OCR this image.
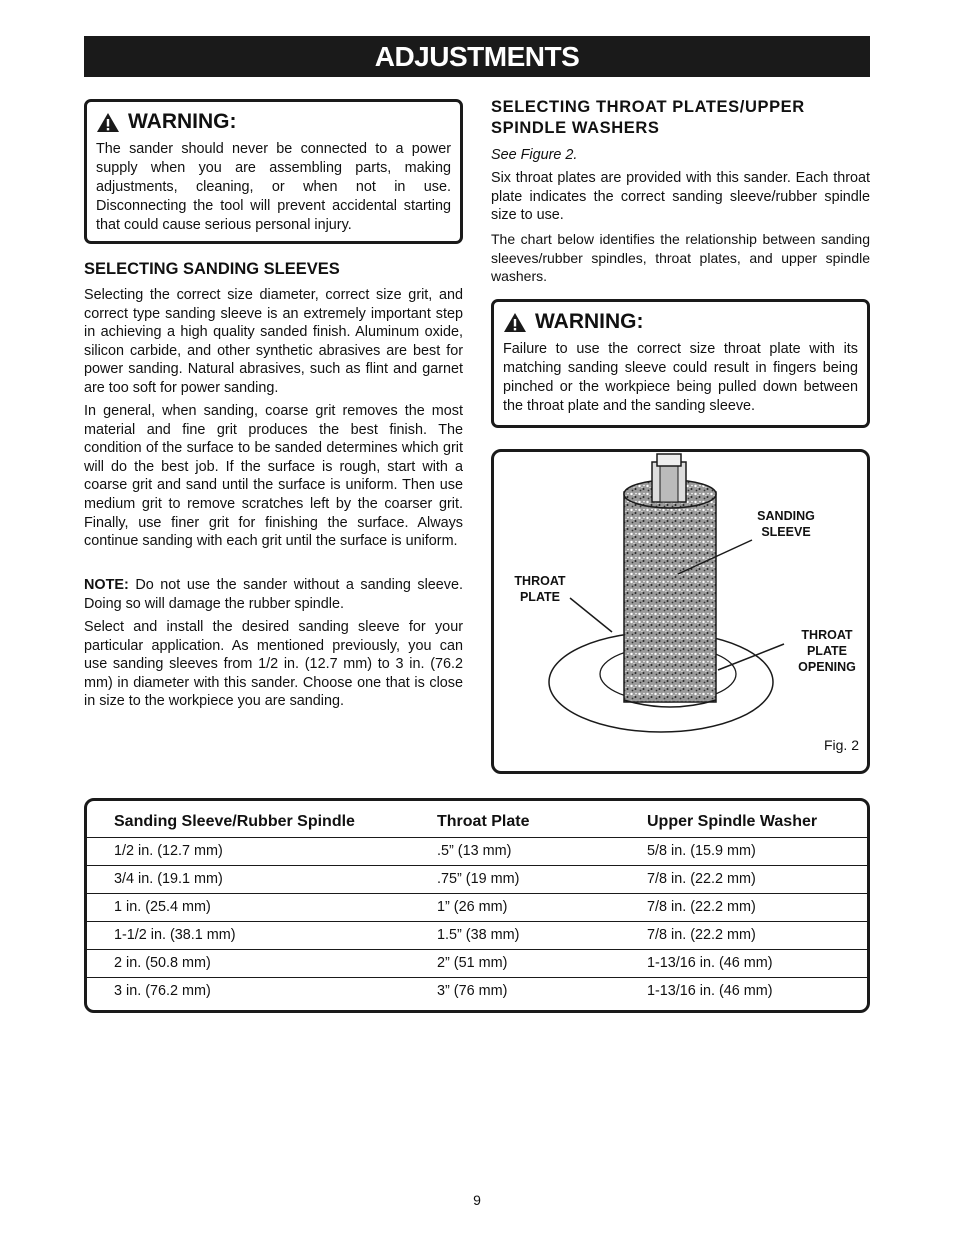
ADJUSTMENTS
WARNING:
The sander should never be connected to a power supply when you are assembling parts, making adjustments, cleaning, or when not in use. Disconnecting the tool will prevent accidental starting that could cause serious personal injury.
SELECTING SANDING SLEEVES
Selecting the correct size diameter, correct size grit, and correct type sanding sleeve is an extremely important step in achieving a high quality sanded finish. Aluminum oxide, silicon carbide, and other synthetic abrasives are best for power sanding. Natural abrasives, such as flint and garnet are too soft for power sanding.
In general, when sanding, coarse grit removes the most material and fine grit produces the best finish. The condition of the surface to be sanded determines which grit will do the best job. If the surface is rough, start with a coarse grit and sand until the surface is uniform. Then use medium grit to remove scratches left by the coarser grit. Finally, use finer grit for finishing the surface. Always continue sanding with each grit until the surface is uniform.
NOTE: Do not use the sander without a sanding sleeve. Doing so will damage the rubber spindle.
Select and install the desired sanding sleeve for your particular application. As mentioned previously, you can use sanding sleeves from 1/2 in. (12.7 mm) to 3 in. (76.2 mm) in diameter with this sander. Choose one that is close in size to the workpiece you are sanding.
SELECTING THROAT PLATES/UPPER SPINDLE WASHERS
See Figure 2.
Six throat plates are provided with this sander. Each throat plate indicates the correct sanding sleeve/rubber spindle size to use.
The chart below identifies the relationship between sanding sleeves/rubber spindles, throat plates, and upper spindle washers.
WARNING:
Failure to use the correct size throat plate with its matching sanding sleeve could result in fingers being pinched or the workpiece being pulled down between the throat plate and the sanding sleeve.
SANDING
SLEEVE
THROAT
PLATE
THROAT
PLATE
OPENING
Fig. 2
Sanding Sleeve/Rubber Spindle	Throat Plate	Upper Spindle Washer
1/2 in. (12.7 mm)	.5” (13 mm)	5/8 in. (15.9 mm)
3/4 in. (19.1 mm)	.75” (19 mm)	7/8 in. (22.2 mm)
1 in. (25.4 mm)	1” (26 mm)	7/8 in. (22.2 mm)
1-1/2 in. (38.1 mm)	1.5” (38 mm)	7/8 in. (22.2 mm)
2 in. (50.8 mm)	2” (51 mm)	1-13/16 in. (46 mm)
3 in. (76.2 mm)	3” (76 mm)	1-13/16 in. (46 mm)
9
